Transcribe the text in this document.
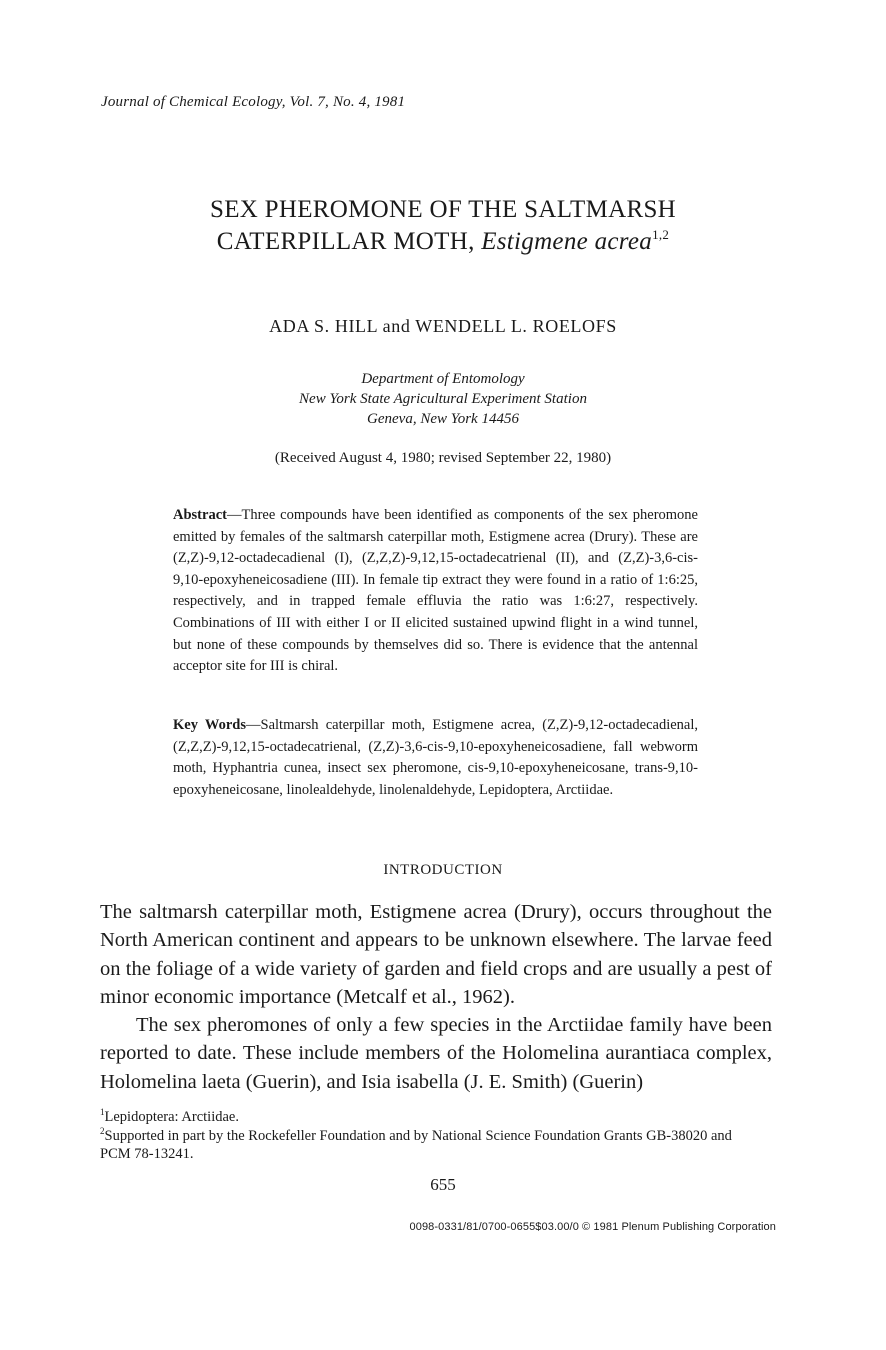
Journal of Chemical Ecology, Vol. 7, No. 4, 1981
SEX PHEROMONE OF THE SALTMARSH
CATERPILLAR MOTH, Estigmene acrea$^{1,2}$
ADA S. HILL and WENDELL L. ROELOFS
Department of Entomology
New York State Agricultural Experiment Station
Geneva, New York 14456
(Received August 4, 1980; revised September 22, 1980)
Abstract—Three compounds have been identified as components of the sex pheromone emitted by females of the saltmarsh caterpillar moth, Estigmene acrea (Drury). These are (Z,Z)-9,12-octadecadienal (I), (Z,Z,Z)-9,12,15-octadecatrienal (II), and (Z,Z)-3,6-cis-9,10-epoxyheneicosadiene (III). In female tip extract they were found in a ratio of 1:6:25, respectively, and in trapped female effluvia the ratio was 1:6:27, respectively. Combinations of III with either I or II elicited sustained upwind flight in a wind tunnel, but none of these compounds by themselves did so. There is evidence that the antennal acceptor site for III is chiral.
Key Words—Saltmarsh caterpillar moth, Estigmene acrea, (Z,Z)-9,12-octadecadienal, (Z,Z,Z)-9,12,15-octadecatrienal, (Z,Z)-3,6-cis-9,10-epoxyheneicosadiene, fall webworm moth, Hyphantria cunea, insect sex pheromone, cis-9,10-epoxyheneicosane, trans-9,10-epoxyheneicosane, linolealdehyde, linolenaldehyde, Lepidoptera, Arctiidae.
INTRODUCTION

The saltmarsh caterpillar moth, Estigmene acrea (Drury), occurs throughout the North American continent and appears to be unknown elsewhere. The larvae feed on the foliage of a wide variety of garden and field crops and are usually a pest of minor economic importance (Metcalf et al., 1962).

The sex pheromones of only a few species in the Arctiidae family have been reported to date. These include members of the Holomelina aurantiaca complex, Holomelina laeta (Guerin), and Isia isabella (J. E. Smith) (Guerin)

$^1$Lepidoptera: Arctiidae.
$^2$Supported in part by the Rockefeller Foundation and by National Science Foundation Grants GB-38020 and PCM 78-13241.
655
0098-0331/81/0700-0655$03.00/0 © 1981 Plenum Publishing Corporation
